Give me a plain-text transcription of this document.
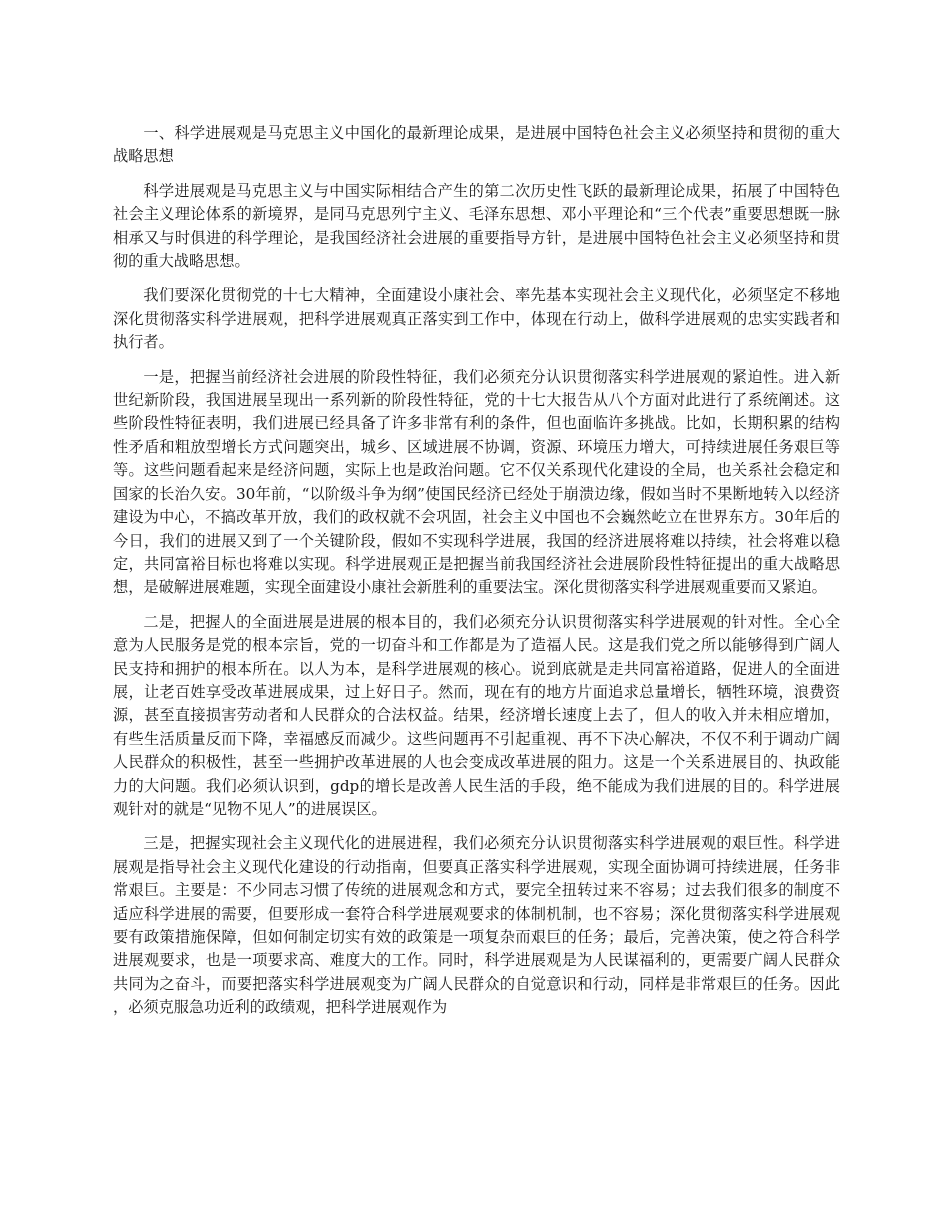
一、科学进展观是马克思主义中国化的最新理论成果，是进展中国特色社会主义必须坚持和贯彻的重大战略思想

科学进展观是马克思主义与中国实际相结合产生的第二次历史性飞跃的最新理论成果，拓展了中国特色社会主义理论体系的新境界，是同马克思列宁主义、毛泽东思想、邓小平理论和“三个代表”重要思想既一脉相承又与时俱进的科学理论，是我国经济社会进展的重要指导方针，是进展中国特色社会主义必须坚持和贯彻的重大战略思想。

我们要深化贯彻党的十七大精神，全面建设小康社会、率先基本实现社会主义现代化，必须坚定不移地深化贯彻落实科学进展观，把科学进展观真正落实到工作中，体现在行动上，做科学进展观的忠实实践者和执行者。

一是，把握当前经济社会进展的阶段性特征，我们必须充分认识贯彻落实科学进展观的紧迫性。进入新世纪新阶段，我国进展呈现出一系列新的阶段性特征，党的十七大报告从八个方面对此进行了系统阐述。这些阶段性特征表明，我们进展已经具备了许多非常有利的条件，但也面临许多挑战。比如，长期积累的结构性矛盾和粗放型增长方式问题突出，城乡、区域进展不协调，资源、环境压力增大，可持续进展任务艰巨等等。这些问题看起来是经济问题，实际上也是政治问题。它不仅关系现代化建设的全局，也关系社会稳定和国家的长治久安。30年前，“以阶级斗争为纲”使国民经济已经处于崩溃边缘，假如当时不果断地转入以经济建设为中心，不搞改革开放，我们的政权就不会巩固，社会主义中国也不会巍然屹立在世界东方。30年后的今日，我们的进展又到了一个关键阶段，假如不实现科学进展，我国的经济进展将难以持续，社会将难以稳定，共同富裕目标也将难以实现。科学进展观正是把握当前我国经济社会进展阶段性特征提出的重大战略思想，是破解进展难题，实现全面建设小康社会新胜利的重要法宝。深化贯彻落实科学进展观重要而又紧迫。

二是，把握人的全面进展是进展的根本目的，我们必须充分认识贯彻落实科学进展观的针对性。全心全意为人民服务是党的根本宗旨，党的一切奋斗和工作都是为了造福人民。这是我们党之所以能够得到广阔人民支持和拥护的根本所在。以人为本，是科学进展观的核心。说到底就是走共同富裕道路，促进人的全面进展，让老百姓享受改革进展成果，过上好日子。然而，现在有的地方片面追求总量增长，牺牲环境，浪费资源，甚至直接损害劳动者和人民群众的合法权益。结果，经济增长速度上去了，但人的收入并未相应增加，有些生活质量反而下降，幸福感反而减少。这些问题再不引起重视、再不下决心解决，不仅不利于调动广阔人民群众的积极性，甚至一些拥护改革进展的人也会变成改革进展的阻力。这是一个关系进展目的、执政能力的大问题。我们必须认识到，gdp的增长是改善人民生活的手段，绝不能成为我们进展的目的。科学进展观针对的就是“见物不见人”的进展误区。

三是，把握实现社会主义现代化的进展进程，我们必须充分认识贯彻落实科学进展观的艰巨性。科学进展观是指导社会主义现代化建设的行动指南，但要真正落实科学进展观，实现全面协调可持续进展，任务非常艰巨。主要是：不少同志习惯了传统的进展观念和方式，要完全扭转过来不容易；过去我们很多的制度不适应科学进展的需要，但要形成一套符合科学进展观要求的体制机制，也不容易；深化贯彻落实科学进展观要有政策措施保障，但如何制定切实有效的政策是一项复杂而艰巨的任务；最后，完善决策，使之符合科学进展观要求，也是一项要求高、难度大的工作。同时，科学进展观是为人民谋福利的，更需要广阔人民群众共同为之奋斗，而要把落实科学进展观变为广阔人民群众的自觉意识和行动，同样是非常艰巨的任务。因此，必须克服急功近利的政绩观，把科学进展观作为
